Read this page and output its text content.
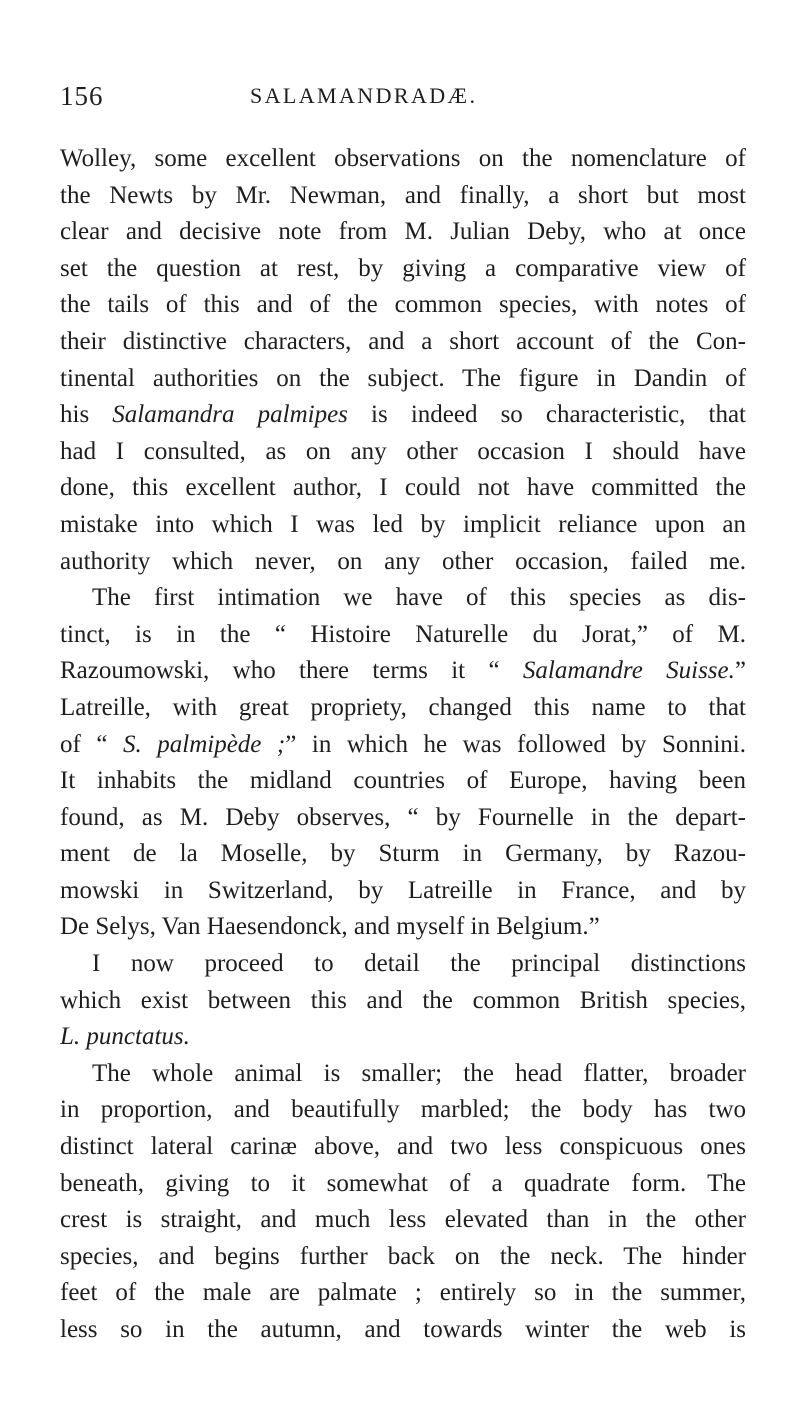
156	SALAMANDRADÆ.
Wolley, some excellent observations on the nomenclature of
the Newts by Mr. Newman, and finally, a short but most
clear and decisive note from M. Julian Deby, who at once
set the question at rest, by giving a comparative view of
the tails of this and of the common species, with notes of
their distinctive characters, and a short account of the Con-
tinental authorities on the subject. The figure in Dandin of
his Salamandra palmipes is indeed so characteristic, that
had I consulted, as on any other occasion I should have
done, this excellent author, I could not have committed the
mistake into which I was led by implicit reliance upon an
authority which never, on any other occasion, failed me.
The first intimation we have of this species as dis-
tinct, is in the “ Histoire Naturelle du Jorat,” of M.
Razoumowski, who there terms it “ Salamandre Suisse.”
Latreille, with great propriety, changed this name to that
of “ S. palmipède ;” in which he was followed by Sonnini.
It inhabits the midland countries of Europe, having been
found, as M. Deby observes, “ by Fournelle in the depart-
ment de la Moselle, by Sturm in Germany, by Razou-
mowski in Switzerland, by Latreille in France, and by
De Selys, Van Haesendonck, and myself in Belgium.”
I now proceed to detail the principal distinctions
which exist between this and the common British species,
L. punctatus.
The whole animal is smaller; the head flatter, broader
in proportion, and beautifully marbled; the body has two
distinct lateral carinæ above, and two less conspicuous ones
beneath, giving to it somewhat of a quadrate form. The
crest is straight, and much less elevated than in the other
species, and begins further back on the neck. The hinder
feet of the male are palmate ; entirely so in the summer,
less so in the autumn, and towards winter the web is
